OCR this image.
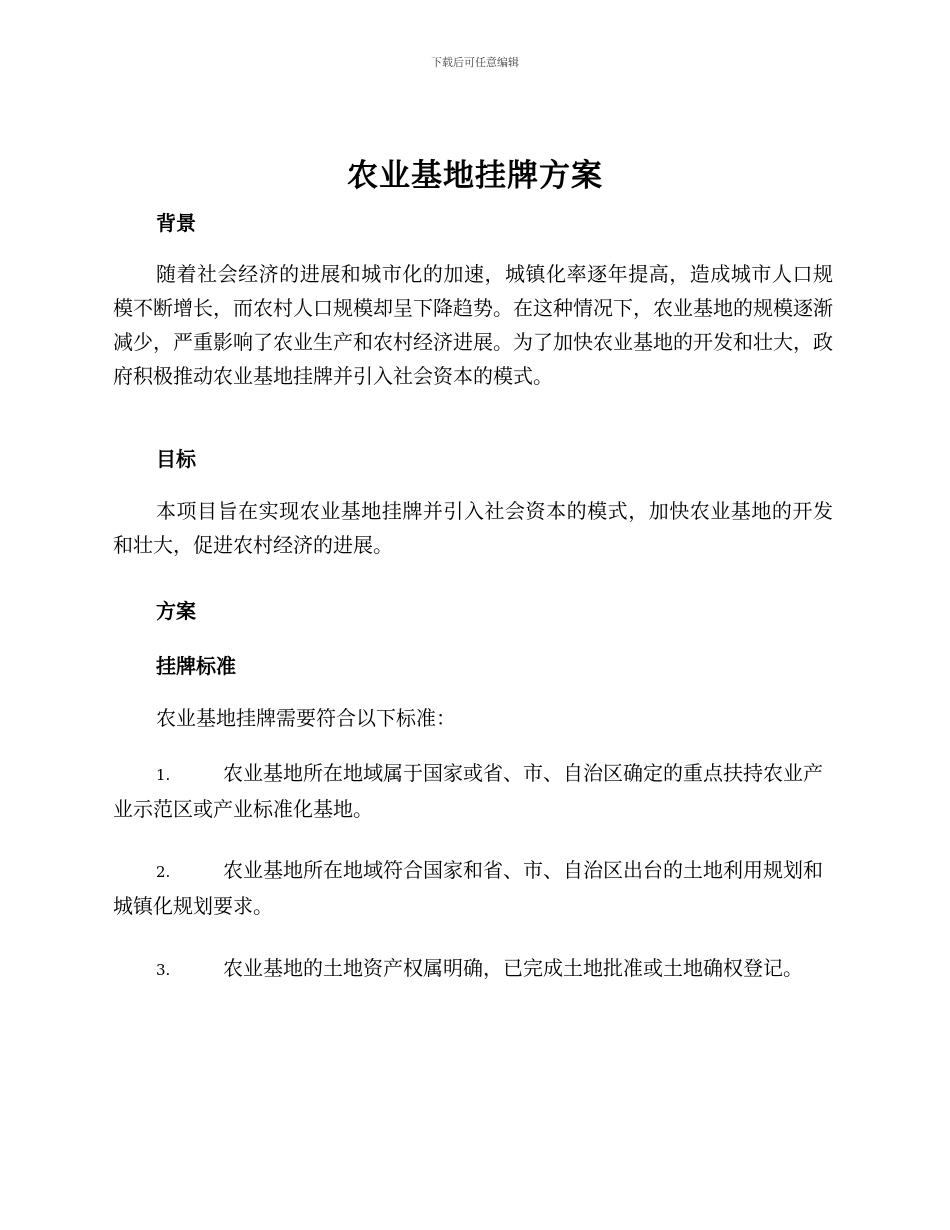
下载后可任意编辑
农业基地挂牌方案
背景

随着社会经济的进展和城市化的加速，城镇化率逐年提高，造成城市人口规模不断增长，而农村人口规模却呈下降趋势。在这种情况下，农业基地的规模逐渐减少，严重影响了农业生产和农村经济进展。为了加快农业基地的开发和壮大，政府积极推动农业基地挂牌并引入社会资本的模式。

目标

本项目旨在实现农业基地挂牌并引入社会资本的模式，加快农业基地的开发和壮大，促进农村经济的进展。

方案
挂牌标准

农业基地挂牌需要符合以下标准：

1.	农业基地所在地域属于国家或省、市、自治区确定的重点扶持农业产业示范区或产业标准化基地。

2.	农业基地所在地域符合国家和省、市、自治区出台的土地利用规划和城镇化规划要求。

3.	农业基地的土地资产权属明确，已完成土地批准或土地确权登记。
